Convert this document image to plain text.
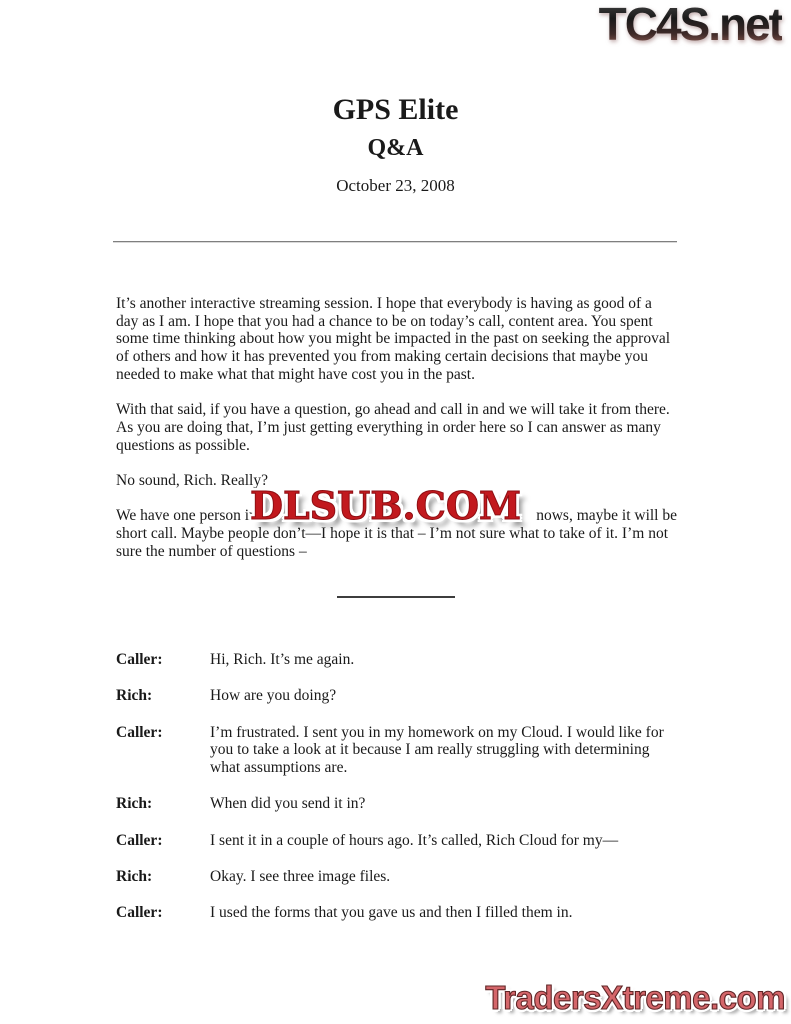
TC4S.net
GPS Elite
Q&A
October 23, 2008

It’s another interactive streaming session. I hope that everybody is having as good of a day as I am. I hope that you had a chance to be on today’s call, content area. You spent some time thinking about how you might be impacted in the past on seeking the approval of others and how it has prevented you from making certain decisions that maybe you needed to make what that might have cost you in the past.

With that said, if you have a question, go ahead and call in and we will take it from there. As you are doing that, I’m just getting everything in order here so I can answer as many questions as possible.

No sound, Rich. Really?

We have one person in	nows, maybe it will be
short call. Maybe people don’t—I hope it is that – I’m not sure what to take of it. I’m not sure the number of questions –
DLSUB.COM
Caller:	Hi, Rich. It’s me again.
Rich:	How are you doing?
Caller:	I’m frustrated. I sent you in my homework on my Cloud. I would like for you to take a look at it because I am really struggling with determining what assumptions are.
Rich:	When did you send it in?
Caller:	I sent it in a couple of hours ago. It’s called, Rich Cloud for my—
Rich:	Okay. I see three image files.
Caller:	I used the forms that you gave us and then I filled them in.
TradersXtreme.com
